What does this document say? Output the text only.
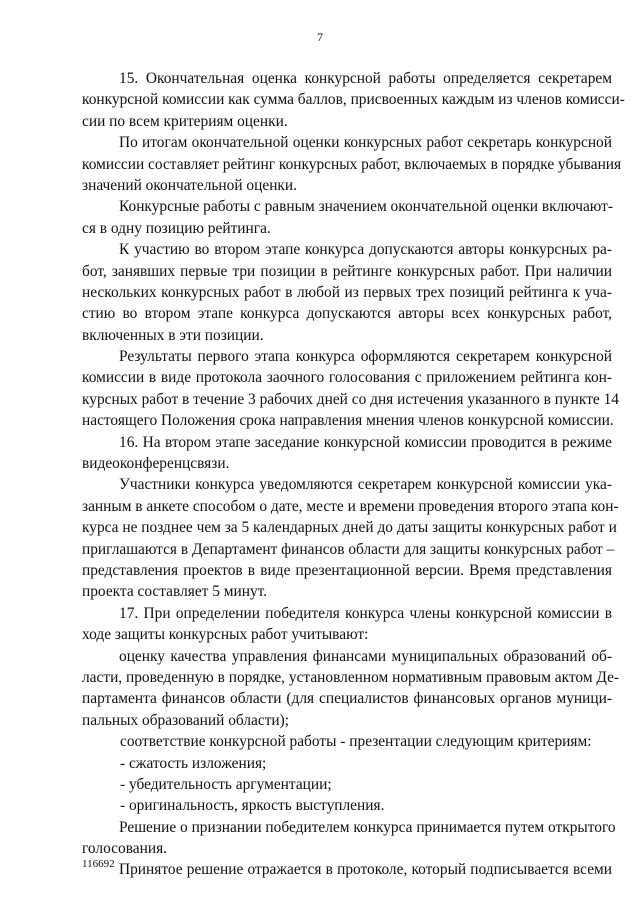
7
15. Окончательная оценка конкурсной работы определяется секретарем
конкурсной комиссии как сумма баллов, присвоенных каждым из членов комисси-
сии по всем критериям оценки.
По итогам окончательной оценки конкурсных работ секретарь конкурсной
комиссии составляет рейтинг конкурсных работ, включаемых в порядке убывания
значений окончательной оценки.
Конкурсные работы с равным значением окончательной оценки включают-
ся в одну позицию рейтинга.
К участию во втором этапе конкурса допускаются авторы конкурсных ра-
бот, занявших первые три позиции в рейтинге конкурсных работ. При наличии
нескольких конкурсных работ в любой из первых трех позиций рейтинга к уча-
стию во втором этапе конкурса допускаются авторы всех конкурсных работ,
включенных в эти позиции.
Результаты первого этапа конкурса оформляются секретарем конкурсной
комиссии в виде протокола заочного голосования с приложением рейтинга кон-
курсных работ в течение 3 рабочих дней со дня истечения указанного в пункте 14
настоящего Положения срока направления мнения членов конкурсной комиссии.
16. На втором этапе заседание конкурсной комиссии проводится в режиме
видеоконференцсвязи.
Участники конкурса уведомляются секретарем конкурсной комиссии ука-
занным в анкете способом о дате, месте и времени проведения второго этапа кон-
курса не позднее чем за 5 календарных дней до даты защиты конкурсных работ и
приглашаются в Департамент финансов области для защиты конкурсных работ –
представления проектов в виде презентационной версии. Время представления
проекта составляет 5 минут.
17. При определении победителя конкурса члены конкурсной комиссии в
ходе защиты конкурсных работ учитывают:
оценку качества управления финансами муниципальных образований об-
ласти, проведенную в порядке, установленном нормативным правовым актом Де-
партамента финансов области (для специалистов финансовых органов муници-
пальных образований области);
соответствие конкурсной работы - презентации следующим критериям:
- сжатость изложения;
- убедительность аргументации;
- оригинальность, яркость выступления.
Решение о признании победителем конкурса принимается путем открытого
голосования.
Принятое решение отражается в протоколе, который подписывается всеми
116692
